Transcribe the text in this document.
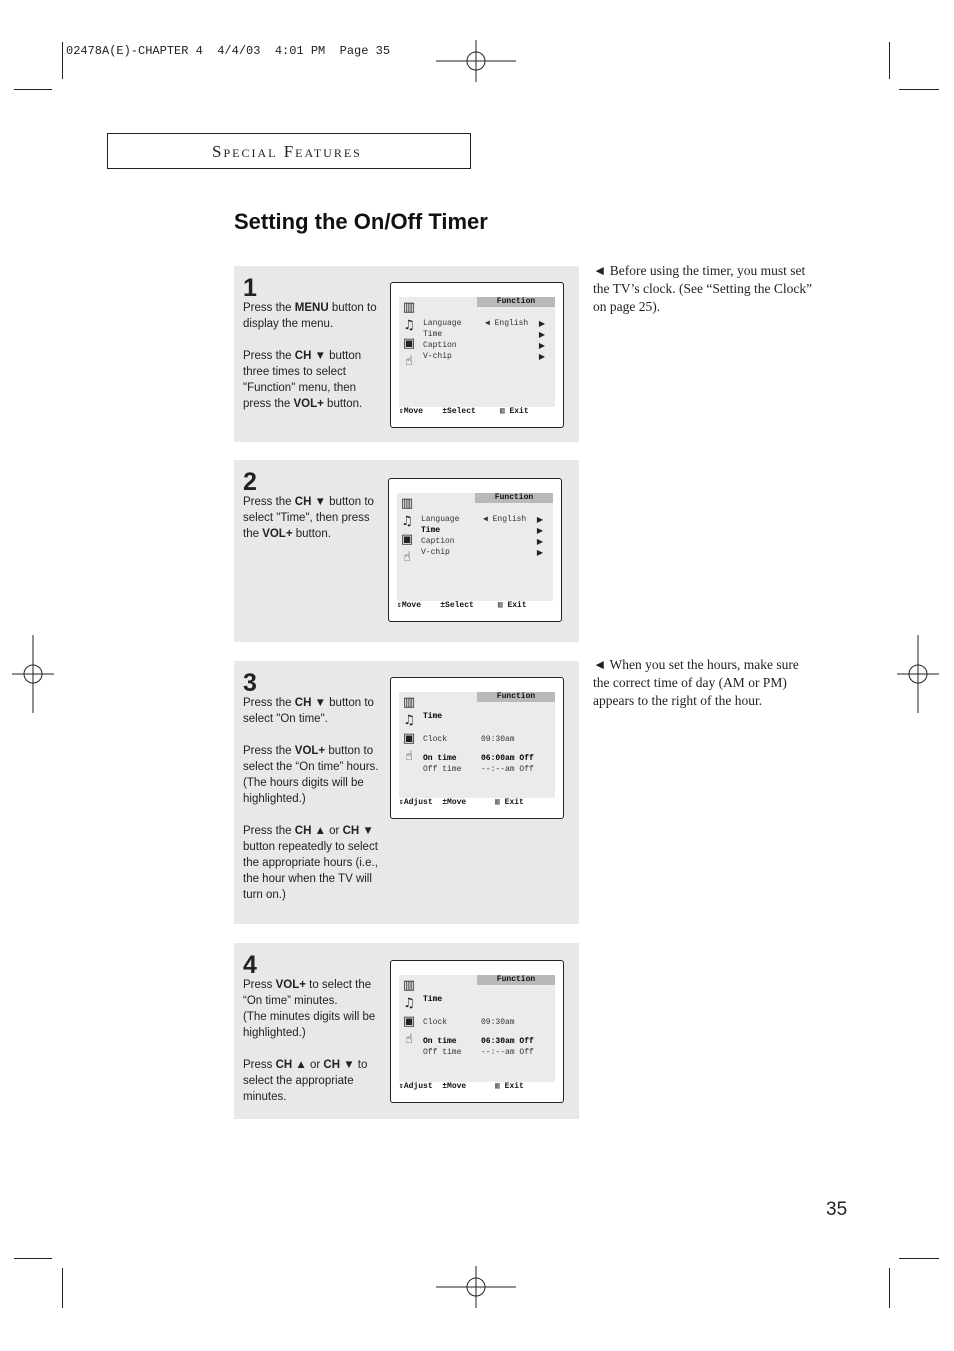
02478A(E)-CHAPTER 4  4/4/03  4:01 PM  Page 35
Special Features
Setting the On/Off Timer
1

Press the MENU button to display the menu.

Press the CH ▼ button three times to select "Function" menu, then press the VOL+ button.

▥
♫
▣
☝
Function
Language	◀ English ▶
Time	▶
Caption	▶
V-chip	▶
⇕Move    ±Select     ▥ Exit
2

Press the CH ▼ button to select "Time", then press the VOL+ button.

▥
♫
▣
☝
Function
Language	◀ English ▶
Time	▶
Caption	▶
V-chip	▶
⇕Move    ±Select     ▥ Exit
3

Press the CH ▼ button to select "On time".

Press the VOL+ button to select the “On time” hours.
(The hours digits will be highlighted.)

Press the CH ▲ or CH ▼ button repeatedly to select the appropriate hours (i.e., the hour when the TV will turn on.)

▥
♫
▣
☝
Function
Time
Clock	09:30am
On time	06:00am Off
Off time --:--am Off
⇕Adjust  ±Move      ▥ Exit
4

Press VOL+ to select the “On time” minutes.
(The minutes digits will be highlighted.)

Press CH ▲ or CH ▼ to select the appropriate minutes.

▥
♫
▣
☝
Function
Time
Clock	09:30am
On time	06:30am Off
Off time --:--am Off
⇕Adjust  ±Move      ▥ Exit
◄ Before using the timer, you must set the TV’s clock. (See “Setting the Clock” on page 25).
◄ When you set the hours, make sure the correct time of day (AM or PM) appears to the right of the hour.
35
